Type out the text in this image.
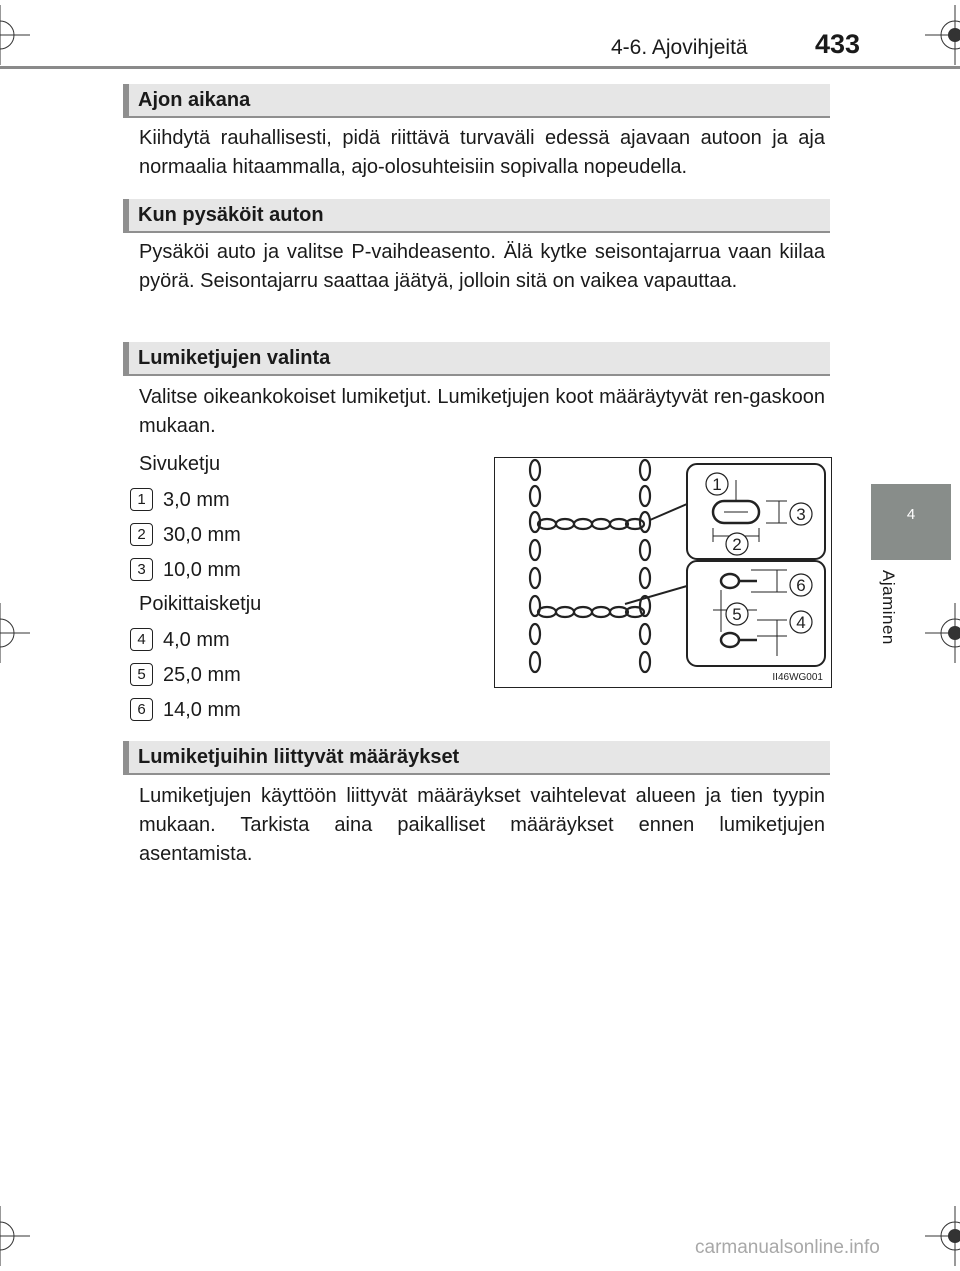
4-6. Ajovihjeitä 433
4
Ajaminen
Ajon aikana

Kiihdytä rauhallisesti, pidä riittävä turvaväli edessä ajavaan autoon ja aja normaalia hitaammalla, ajo-olosuhteisiin sopivalla nopeudella.

Kun pysäköit auton

Pysäköi auto ja valitse P-vaihdeasento. Älä kytke seisontajarrua vaan kiilaa pyörä. Seisontajarru saattaa jäätyä, jolloin sitä on vaikea vapauttaa.

Lumiketjujen valinta

Valitse oikeankokoiset lumiketjut. Lumiketjujen koot määräytyvät ren-gaskoon mukaan.

Sivuketju
1 3,0 mm
2 30,0 mm
3 10,0 mm
Poikittaisketju
4 4,0 mm
5 25,0 mm
6 14,0 mm
1
2
3
4
5
6
II46WG001
Lumiketjuihin liittyvät määräykset

Lumiketjujen käyttöön liittyvät määräykset vaihtelevat alueen ja tien tyypin mukaan. Tarkista aina paikalliset määräykset ennen lumiketjujen asentamista.

carmanualsonline.info
